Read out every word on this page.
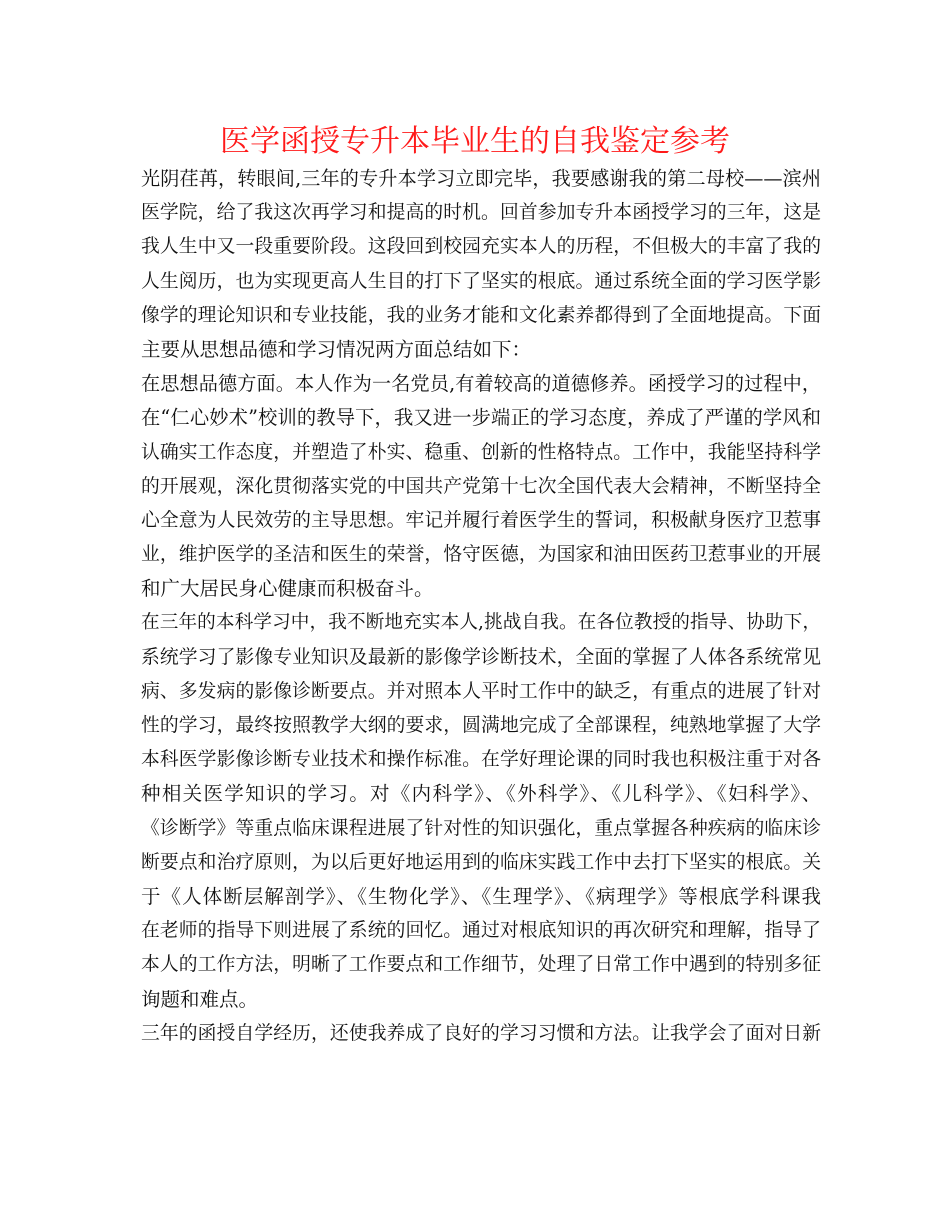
医学函授专升本毕业生的自我鉴定参考
光阴荏苒，转眼间,三年的专升本学习立即完毕，我要感谢我的第二母校——滨州
医学院，给了我这次再学习和提高的时机。回首参加专升本函授学习的三年，这是
我人生中又一段重要阶段。这段回到校园充实本人的历程，不但极大的丰富了我的
人生阅历，也为实现更高人生目的打下了坚实的根底。通过系统全面的学习医学影
像学的理论知识和专业技能，我的业务才能和文化素养都得到了全面地提高。下面
主要从思想品德和学习情况两方面总结如下：
在思想品德方面。本人作为一名党员,有着较高的道德修养。函授学习的过程中，
在“仁心妙术”校训的教导下，我又进一步端正的学习态度，养成了严谨的学风和
认确实工作态度，并塑造了朴实、稳重、创新的性格特点。工作中，我能坚持科学
的开展观，深化贯彻落实党的中国共产党第十七次全国代表大会精神，不断坚持全
心全意为人民效劳的主导思想。牢记并履行着医学生的誓词，积极献身医疗卫惹事
业，维护医学的圣洁和医生的荣誉，恪守医德，为国家和油田医药卫惹事业的开展
和广大居民身心健康而积极奋斗。
在三年的本科学习中，我不断地充实本人,挑战自我。在各位教授的指导、协助下，
系统学习了影像专业知识及最新的影像学诊断技术，全面的掌握了人体各系统常见
病、多发病的影像诊断要点。并对照本人平时工作中的缺乏，有重点的进展了针对
性的学习，最终按照教学大纲的要求，圆满地完成了全部课程，纯熟地掌握了大学
本科医学影像诊断专业技术和操作标准。在学好理论课的同时我也积极注重于对各
种相关医学知识的学习。对《内科学》、《外科学》、《儿科学》、《妇科学》、
《诊断学》等重点临床课程进展了针对性的知识强化，重点掌握各种疾病的临床诊
断要点和治疗原则，为以后更好地运用到的临床实践工作中去打下坚实的根底。关
于《人体断层解剖学》、《生物化学》、《生理学》、《病理学》等根底学科课我
在老师的指导下则进展了系统的回忆。通过对根底知识的再次研究和理解，指导了
本人的工作方法，明晰了工作要点和工作细节，处理了日常工作中遇到的特别多征
询题和难点。
三年的函授自学经历，还使我养成了良好的学习习惯和方法。让我学会了面对日新
